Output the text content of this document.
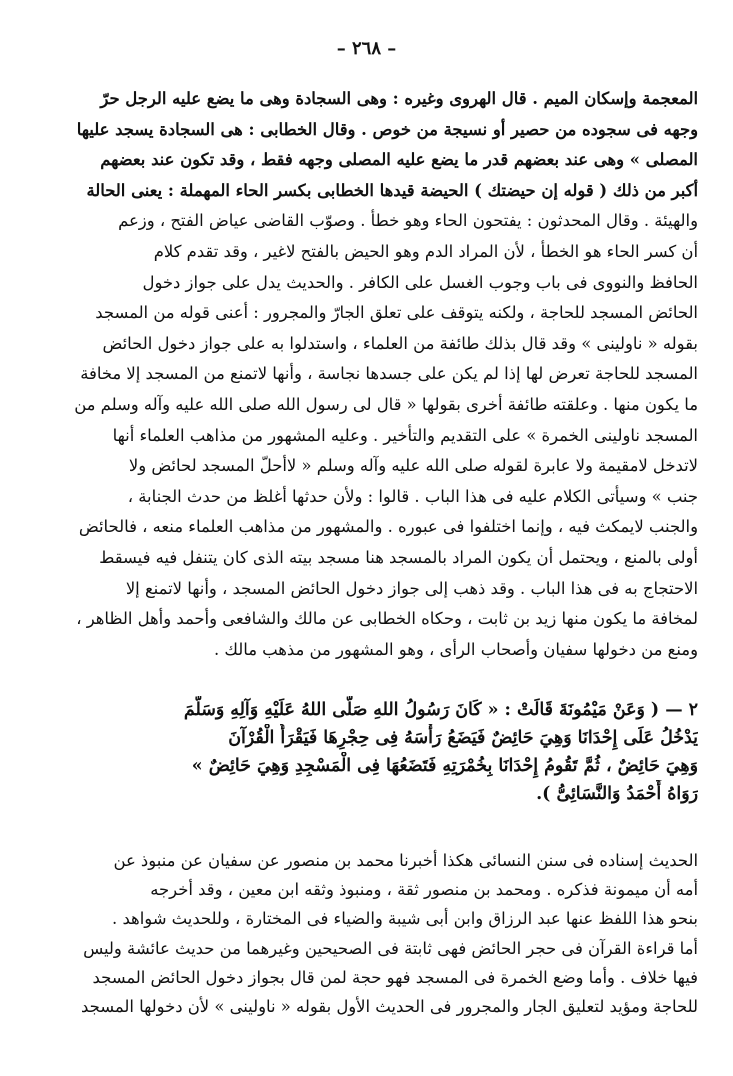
– ٢٦٨ –
المعجمة وإسكان الميم . قال الهروى وغيره : وهى السجادة وهى ما يضع عليه الرجل حرّ
وجهه فى سجوده من حصير أو نسيجة من خوص . وقال الخطابى : هى السجادة يسجد عليها
المصلى » وهى عند بعضهم قدر ما يضع عليه المصلى وجهه فقط ، وقد تكون عند بعضهم
أكبر من ذلك ( قوله إن حيضتك ) الحيضة قيدها الخطابى بكسر الحاء المهملة : يعنى الحالة
والهيئة . وقال المحدثون : يفتحون الحاء وهو خطأ . وصوّب القاضى عياض الفتح ، وزعم
أن كسر الحاء هو الخطأ ، لأن المراد الدم وهو الحيض بالفتح لاغير ، وقد تقدم كلام
الحافظ والنووى فى باب وجوب الغسل على الكافر . والحديث يدل على جواز دخول
الحائض المسجد للحاجة ، ولكنه يتوقف على تعلق الجارّ والمجرور : أعنى قوله من المسجد
بقوله « ناولينى » وقد قال بذلك طائفة من العلماء ، واستدلوا به على جواز دخول الحائض
المسجد للحاجة تعرض لها إذا لم يكن على جسدها نجاسة ، وأنها لاتمنع من المسجد إلا مخافة
ما يكون منها . وعلقته طائفة أخرى بقولها « قال لى رسول الله صلى الله عليه وآله وسلم من
المسجد ناولينى الخمرة » على التقديم والتأخير . وعليه المشهور من مذاهب العلماء أنها
لاتدخل لامقيمة ولا عابرة لقوله صلى الله عليه وآله وسلم « لاأحلّ المسجد لحائض ولا
جنب » وسيأتى الكلام عليه فى هذا الباب . قالوا : ولأن حدثها أغلظ من حدث الجنابة ،
والجنب لايمكث فيه ، وإنما اختلفوا فى عبوره . والمشهور من مذاهب العلماء منعه ، فالحائض
أولى بالمنع ، ويحتمل أن يكون المراد بالمسجد هنا مسجد بيته الذى كان يتنفل فيه فيسقط
الاحتجاج به فى هذا الباب . وقد ذهب إلى جواز دخول الحائض المسجد ، وأنها لاتمنع إلا
لمخافة ما يكون منها زيد بن ثابت ، وحكاه الخطابى عن مالك والشافعى وأحمد وأهل الظاهر ،
ومنع من دخولها سفيان وأصحاب الرأى ، وهو المشهور من مذهب مالك .
٢ — ( وَعَنْ مَيْمُونَةَ قَالَتْ : « كَانَ رَسُولُ اللهِ صَلَّى اللهُ عَلَيْهِ وَآلِهِ وَسَلَّمَ
يَدْخُلُ عَلَى إِحْدَانَا وَهِيَ حَائِضٌ فَيَضَعُ رَأْسَهُ فِى حِجْرِهَا فَيَقْرَأُ الْقُرْآنَ
وَهِيَ حَائِضٌ ، ثُمَّ تَقُومُ إِحْدَانَا بِخُمْرَتِهِ فَتَضَعُهَا فِى الْمَسْجِدِ وَهِيَ حَائِضٌ »
رَوَاهُ أَحْمَدُ وَالنَّسَائِىُّ ).
الحديث إسناده فى سنن النسائى هكذا أخبرنا محمد بن منصور عن سفيان عن منبوذ عن
أمه أن ميمونة فذكره . ومحمد بن منصور ثقة ، ومنبوذ وثقه ابن معين ، وقد أخرجه
بنحو هذا اللفظ عنها عبد الرزاق وابن أبى شيبة والضياء فى المختارة ، وللحديث شواهد .
أما قراءة القرآن فى حجر الحائض فهى ثابتة فى الصحيحين وغيرهما من حديث عائشة وليس
فيها خلاف . وأما وضع الخمرة فى المسجد فهو حجة لمن قال بجواز دخول الحائض المسجد
للحاجة ومؤيد لتعليق الجار والمجرور فى الحديث الأول بقوله « ناولينى » لأن دخولها المسجد
